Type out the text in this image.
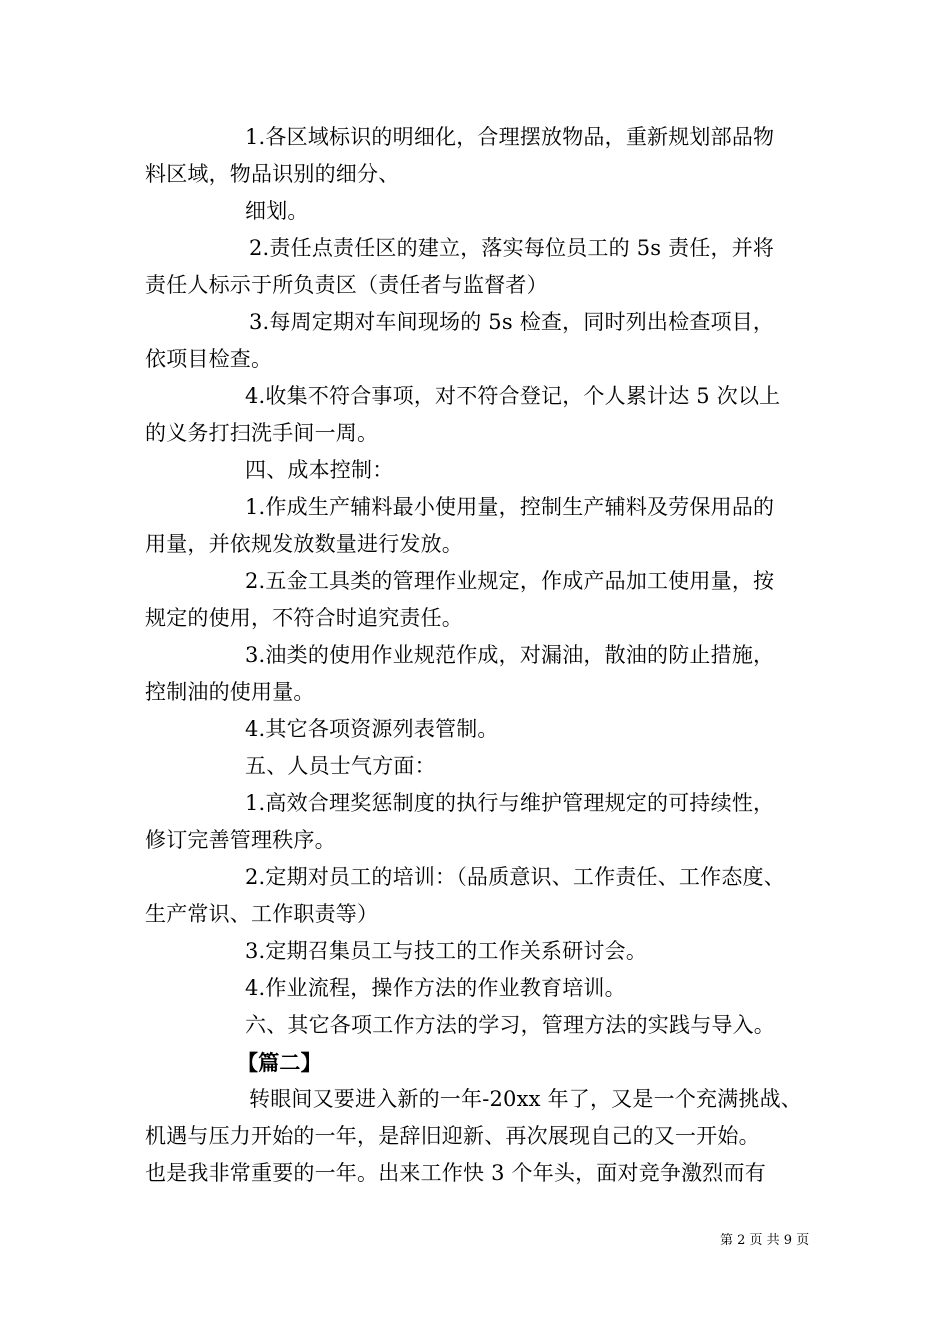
1.各区域标识的明细化，合理摆放物品，重新规划部品物
料区域，物品识别的细分、
细划。
2.责任点责任区的建立，落实每位员工的 5s 责任，并将
责任人标示于所负责区（责任者与监督者）
3.每周定期对车间现场的 5s 检查，同时列出检查项目，
依项目检查。
4.收集不符合事项，对不符合登记，个人累计达 5 次以上
的义务打扫洗手间一周。
四、成本控制：
1.作成生产辅料最小使用量，控制生产辅料及劳保用品的
用量，并依规发放数量进行发放。
2.五金工具类的管理作业规定，作成产品加工使用量，按
规定的使用，不符合时追究责任。
3.油类的使用作业规范作成，对漏油，散油的防止措施，
控制油的使用量。
4.其它各项资源列表管制。
五、人员士气方面：
1.高效合理奖惩制度的执行与维护管理规定的可持续性，
修订完善管理秩序。
2.定期对员工的培训：（品质意识、工作责任、工作态度、
生产常识、工作职责等）
3.定期召集员工与技工的工作关系研讨会。
4.作业流程，操作方法的作业教育培训。
六、其它各项工作方法的学习，管理方法的实践与导入。
【篇二】
转眼间又要进入新的一年-20xx 年了，又是一个充满挑战、
机遇与压力开始的一年，是辞旧迎新、再次展现自己的又一开始。
也是我非常重要的一年。出来工作快 3 个年头，面对竞争激烈而有
第 2 页 共 9 页
